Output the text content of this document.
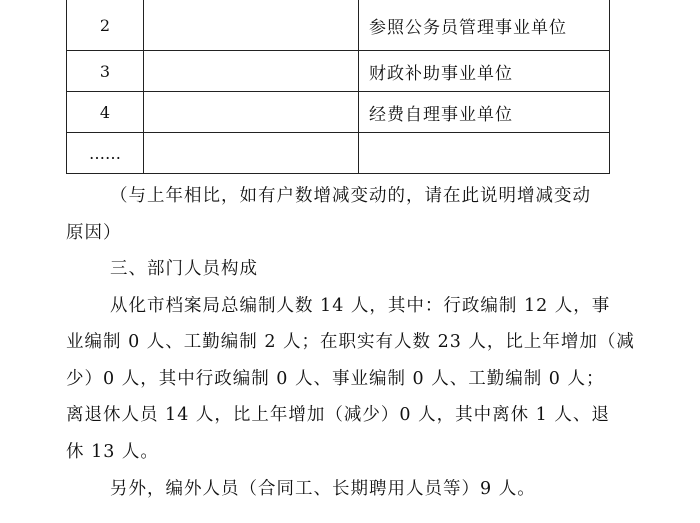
2		参照公务员管理事业单位
3		财政补助事业单位
4		经费自理事业单位
……		

（与上年相比，如有户数增减变动的，请在此说明增减变动

原因）

三、部门人员构成

从化市档案局总编制人数 14 人，其中：行政编制 12 人，事

业编制 0 人、工勤编制 2 人；在职实有人数 23 人，比上年增加（减

少）0 人，其中行政编制 0 人、事业编制 0 人、工勤编制 0 人；

离退休人员 14 人，比上年增加（减少）0 人，其中离休 1 人、退

休 13 人。

另外，编外人员（合同工、长期聘用人员等）9 人。
